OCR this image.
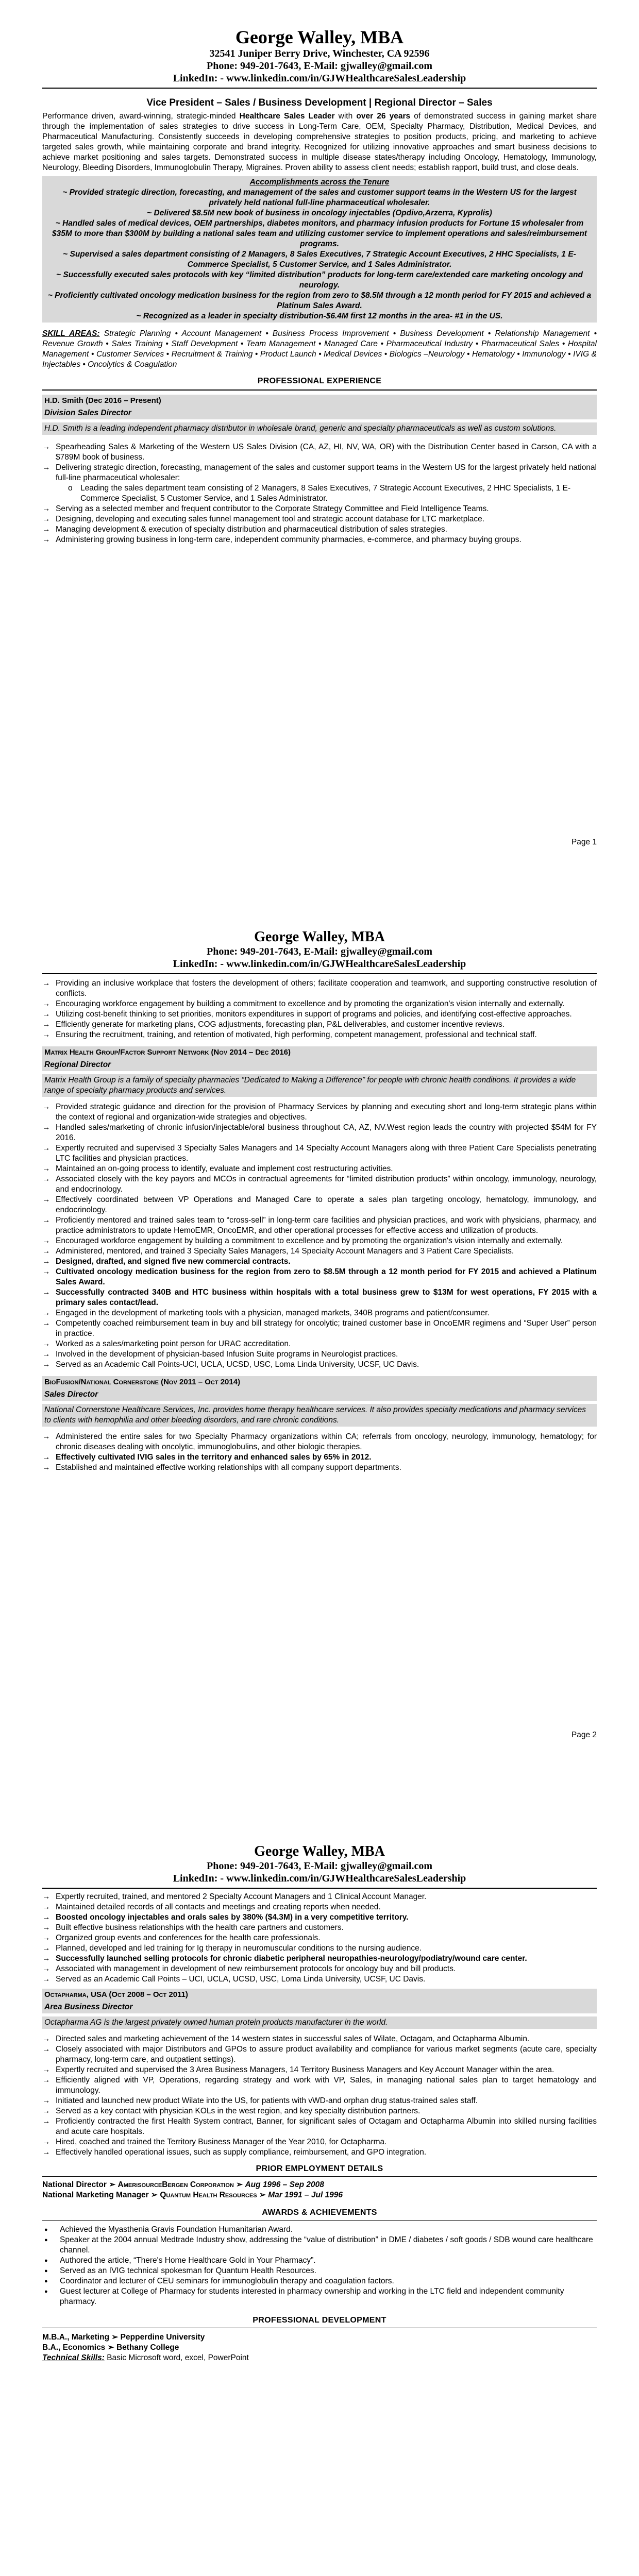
George Walley, MBA
32541 Juniper Berry Drive, Winchester, CA 92596
Phone: 949-201-7643, E-Mail: gjwalley@gmail.com
LinkedIn: - www.linkedin.com/in/GJWHealthcareSalesLeadership
Vice President – Sales / Business Development | Regional Director – Sales
Performance driven, award-winning, strategic-minded Healthcare Sales Leader with over 26 years of demonstrated success in gaining market share through the implementation of sales strategies to drive success in Long-Term Care, OEM, Specialty Pharmacy, Distribution, Medical Devices, and Pharmaceutical Manufacturing. Consistently succeeds in developing comprehensive strategies to position products, pricing, and marketing to achieve targeted sales growth, while maintaining corporate and brand integrity. Recognized for utilizing innovative approaches and smart business decisions to achieve market positioning and sales targets. Demonstrated success in multiple disease states/therapy including Oncology, Hematology, Immunology, Neurology, Bleeding Disorders, Immunoglobulin Therapy, Migraines. Proven ability to assess client needs; establish rapport, build trust, and close deals.
Accomplishments across the Tenure
~ Provided strategic direction, forecasting, and management of the sales and customer support teams in the Western US for the largest privately held national full-line pharmaceutical wholesaler.
~ Delivered $8.5M new book of business in oncology injectables (Opdivo,Arzerra, Kyprolis)
~ Handled sales of medical devices, OEM partnerships, diabetes monitors, and pharmacy infusion products for Fortune 15 wholesaler from $35M to more than $300M by building a national sales team and utilizing customer service to implement operations and sales/reimbursement programs.
~ Supervised a sales department consisting of 2 Managers, 8 Sales Executives, 7 Strategic Account Executives, 2 HHC Specialists, 1 E-Commerce Specialist, 5 Customer Service, and 1 Sales Administrator.
~ Successfully executed sales protocols with key “limited distribution” products for long-term care/extended care marketing oncology and neurology.
~ Proficiently cultivated oncology medication business for the region from zero to $8.5M through a 12 month period for FY 2015 and achieved a Platinum Sales Award.
~ Recognized as a leader in specialty distribution-$6.4M first 12 months in the area- #1 in the US.
SKILL AREAS: Strategic Planning • Account Management • Business Process Improvement • Business Development • Relationship Management • Revenue Growth • Sales Training • Staff Development • Team Management • Managed Care • Pharmaceutical Industry • Pharmaceutical Sales • Hospital Management • Customer Services • Recruitment & Training • Product Launch • Medical Devices • Biologics –Neurology • Hematology • Immunology • IVIG & Injectables • Oncolytics & Coagulation
PROFESSIONAL EXPERIENCE
H.D. Smith (Dec 2016 – Present)
Division Sales Director
H.D. Smith is a leading independent pharmacy distributor in wholesale brand, generic and specialty pharmaceuticals as well as custom solutions.
→ Spearheading Sales & Marketing of the Western US Sales Division (CA, AZ, HI, NV, WA, OR) with the Distribution Center based in Carson, CA with a $789M book of business.
→ Delivering strategic direction, forecasting, management of the sales and customer support teams in the Western US for the largest privately held national full-line pharmaceutical wholesaler:
o Leading the sales department team consisting of 2 Managers, 8 Sales Executives, 7 Strategic Account Executives, 2 HHC Specialists, 1 E-Commerce Specialist, 5 Customer Service, and 1 Sales Administrator.
→ Serving as a selected member and frequent contributor to the Corporate Strategy Committee and Field Intelligence Teams.
→ Designing, developing and executing sales funnel management tool and strategic account database for LTC marketplace.
→ Managing development & execution of specialty distribution and pharmaceutical distribution of sales strategies.
→ Administering growing business in long-term care, independent community pharmacies, e-commerce, and pharmacy buying groups.
Page 1
George Walley, MBA
Phone: 949-201-7643, E-Mail: gjwalley@gmail.com
LinkedIn: - www.linkedin.com/in/GJWHealthcareSalesLeadership
→ Providing an inclusive workplace that fosters the development of others; facilitate cooperation and teamwork, and supporting constructive resolution of conflicts.
→ Encouraging workforce engagement by building a commitment to excellence and by promoting the organization's vision internally and externally.
→ Utilizing cost-benefit thinking to set priorities, monitors expenditures in support of programs and policies, and identifying cost-effective approaches.
→ Efficiently generate for marketing plans, COG adjustments, forecasting plan, P&L deliverables, and customer incentive reviews.
→ Ensuring the recruitment, training, and retention of motivated, high performing, competent management, professional and technical staff.
Matrix Health Group/Factor Support Network (Nov 2014 – Dec 2016)
Regional Director
Matrix Health Group is a family of specialty pharmacies “Dedicated to Making a Difference” for people with chronic health conditions. It provides a wide range of specialty pharmacy products and services.
→ Provided strategic guidance and direction for the provision of Pharmacy Services by planning and executing short and long-term strategic plans within the context of regional and organization-wide strategies and objectives.
→ Handled sales/marketing of chronic infusion/injectable/oral business throughout CA, AZ, NV.West region leads the country with projected $54M for FY 2016.
→ Expertly recruited and supervised 3 Specialty Sales Managers and 14 Specialty Account Managers along with three Patient Care Specialists penetrating LTC facilities and physician practices.
→ Maintained an on-going process to identify, evaluate and implement cost restructuring activities.
→ Associated closely with the key payors and MCOs in contractual agreements for “limited distribution products” within oncology, immunology, neurology, and endocrinology.
→ Effectively coordinated between VP Operations and Managed Care to operate a sales plan targeting oncology, hematology, immunology, and endocrinology.
→ Proficiently mentored and trained sales team to “cross-sell” in long-term care facilities and physician practices, and work with physicians, pharmacy, and practice administrators to update HemoEMR, OncoEMR, and other operational processes for effective access and utilization of products.
→ Encouraged workforce engagement by building a commitment to excellence and by promoting the organization's vision internally and externally.
→ Administered, mentored, and trained 3 Specialty Sales Managers, 14 Specialty Account Managers and 3 Patient Care Specialists.
→ Designed, drafted, and signed five new commercial contracts.
→ Cultivated oncology medication business for the region from zero to $8.5M through a 12 month period for FY 2015 and achieved a Platinum Sales Award.
→ Successfully contracted 340B and HTC business within hospitals with a total business grew to $13M for west operations, FY 2015 with a primary sales contact/lead.
→ Engaged in the development of marketing tools with a physician, managed markets, 340B programs and patient/consumer.
→ Competently coached reimbursement team in buy and bill strategy for oncolytic; trained customer base in OncoEMR regimens and “Super User” person in practice.
→ Worked as a sales/marketing point person for URAC accreditation.
→ Involved in the development of physician-based Infusion Suite programs in Neurologist practices.
→ Served as an Academic Call Points-UCI, UCLA, UCSD, USC, Loma Linda University, UCSF, UC Davis.
BioFusion/National Cornerstone (Nov 2011 – Oct 2014)
Sales Director
National Cornerstone Healthcare Services, Inc. provides home therapy healthcare services. It also provides specialty medications and pharmacy services to clients with hemophilia and other bleeding disorders, and rare chronic conditions.
→ Administered the entire sales for two Specialty Pharmacy organizations within CA; referrals from oncology, neurology, immunology, hematology; for chronic diseases dealing with oncolytic, immunoglobulins, and other biologic therapies.
→ Effectively cultivated IVIG sales in the territory and enhanced sales by 65% in 2012.
→ Established and maintained effective working relationships with all company support departments.
Page 2
George Walley, MBA
Phone: 949-201-7643, E-Mail: gjwalley@gmail.com
LinkedIn: - www.linkedin.com/in/GJWHealthcareSalesLeadership
→ Expertly recruited, trained, and mentored 2 Specialty Account Managers and 1 Clinical Account Manager.
→ Maintained detailed records of all contacts and meetings and creating reports when needed.
→ Boosted oncology injectables and orals sales by 380% ($4.3M) in a very competitive territory.
→ Built effective business relationships with the health care partners and customers.
→ Organized group events and conferences for the health care professionals.
→ Planned, developed and led training for Ig therapy in neuromuscular conditions to the nursing audience.
→ Successfully launched selling protocols for chronic diabetic peripheral neuropathies-neurology/podiatry/wound care center.
→ Associated with management in development of new reimbursement protocols for oncology buy and bill products.
→ Served as an Academic Call Points – UCI, UCLA, UCSD, USC, Loma Linda University, UCSF, UC Davis.
Octapharma, USA (Oct 2008 – Oct 2011)
Area Business Director
Octapharma AG is the largest privately owned human protein products manufacturer in the world.
→ Directed sales and marketing achievement of the 14 western states in successful sales of Wilate, Octagam, and Octapharma Albumin.
→ Closely associated with major Distributors and GPOs to assure product availability and compliance for various market segments (acute care, specialty pharmacy, long-term care, and outpatient settings).
→ Expertly recruited and supervised the 3 Area Business Managers, 14 Territory Business Managers and Key Account Manager within the area.
→ Efficiently aligned with VP, Operations, regarding strategy and work with VP, Sales, in managing national sales plan to target hematology and immunology.
→ Initiated and launched new product Wilate into the US, for patients with vWD-and orphan drug status-trained sales staff.
→ Served as a key contact with physician KOLs in the west region, and key specialty distribution partners.
→ Proficiently contracted the first Health System contract, Banner, for significant sales of Octagam and Octapharma Albumin into skilled nursing facilities and acute care hospitals.
→ Hired, coached and trained the Territory Business Manager of the Year 2010, for Octapharma.
→ Effectively handled operational issues, such as supply compliance, reimbursement, and GPO integration.
PRIOR EMPLOYMENT DETAILS
National Director ➢ AmerisourceBergen Corporation ➢ Aug 1996 – Sep 2008
National Marketing Manager ➢ Quantum Health Resources ➢ Mar 1991 – Jul 1996
AWARDS & ACHIEVEMENTS
● Achieved the Myasthenia Gravis Foundation Humanitarian Award.
● Speaker at the 2004 annual Medtrade Industry show, addressing the “value of distribution” in DME / diabetes / soft goods / SDB wound care healthcare channel.
● Authored the article, “There's Home Healthcare Gold in Your Pharmacy”.
● Served as an IVIG technical spokesman for Quantum Health Resources.
● Coordinator and lecturer of CEU seminars for immunoglobulin therapy and coagulation factors.
● Guest lecturer at College of Pharmacy for students interested in pharmacy ownership and working in the LTC field and independent community pharmacy.
PROFESSIONAL DEVELOPMENT
M.B.A., Marketing ➢ Pepperdine University
B.A., Economics ➢ Bethany College
Technical Skills: Basic Microsoft word, excel, PowerPoint
